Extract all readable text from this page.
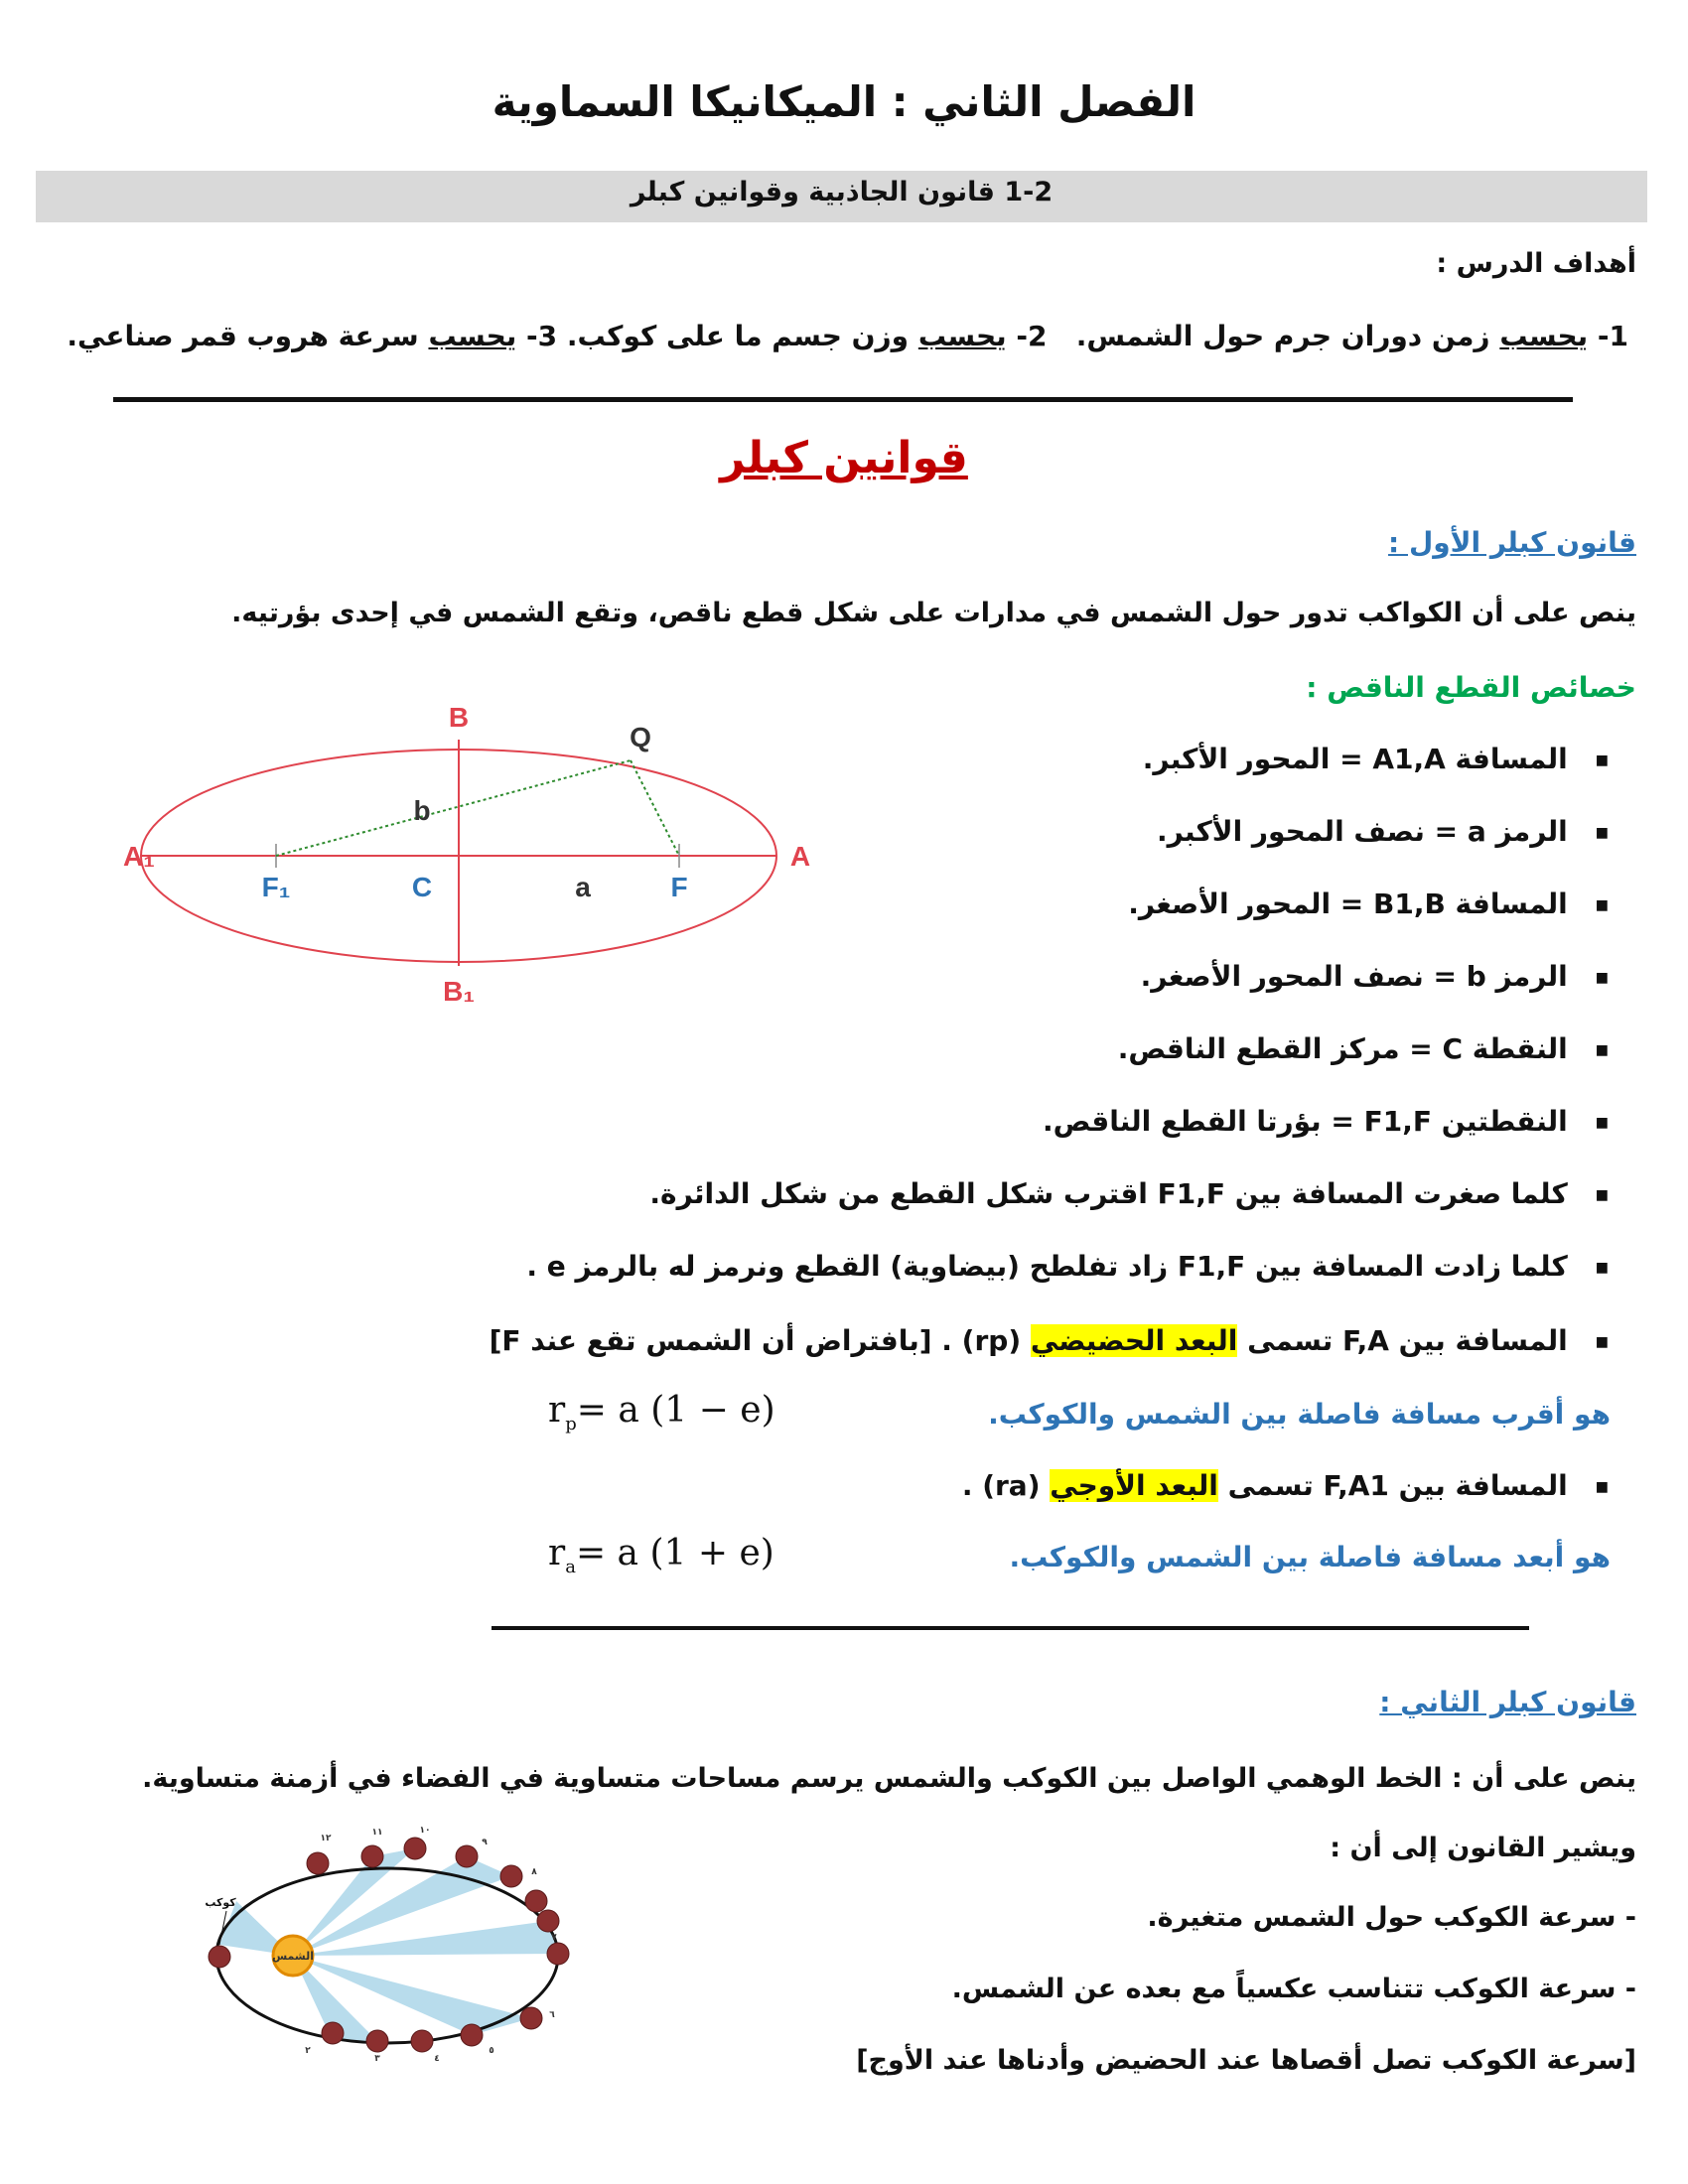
الفصل الثاني : الميكانيكا السماوية
1-2 قانون الجاذبية وقوانين كبلر
أهداف الدرس :
1- يحسب زمن دوران جرم حول الشمس.   2- يحسب وزن جسم ما على كوكب. 3- يحسب سرعة هروب قمر صناعي.
قوانين كبلر
قانون كبلر الأول :
ينص على أن الكواكب تدور حول الشمس في مدارات على شكل قطع ناقص، وتقع الشمس في إحدى بؤرتيه.
خصائص القطع الناقص :
■ المسافة A1,A = المحور الأكبر.
■ الرمز a = نصف المحور الأكبر.
■ المسافة B1,B = المحور الأصغر.
■ الرمز b = نصف المحور الأصغر.
■ النقطة C = مركز القطع الناقص.
■ النقطتين F1,F = بؤرتا القطع الناقص.
■ كلما صغرت المسافة بين F1,F اقترب شكل القطع من شكل الدائرة.
■ كلما زادت المسافة بين F1,F زاد تفلطح (بيضاوية) القطع ونرمز له بالرمز e .
■ المسافة بين F,A تسمى البعد الحضيضي (rp) . [بافتراض أن الشمس تقع عند F]
هو أقرب مسافة فاصلة بين الشمس والكوكب.
$r_p= a$ (1 − e)
■ المسافة بين F,A1 تسمى البعد الأوجي (ra) .
هو أبعد مسافة فاصلة بين الشمس والكوكب.
$r_a= a$ (1 + e)
B
B₁
A
A₁
Q
b
a
F₁	F
C
قانون كبلر الثاني :
ينص على أن : الخط الوهمي الواصل بين الكوكب والشمس يرسم مساحات متساوية في الفضاء في أزمنة متساوية.
ويشير القانون إلى أن :
- سرعة الكوكب حول الشمس متغيرة.
- سرعة الكوكب تتناسب عكسياً مع بعده عن الشمس.
[سرعة الكوكب تصل أقصاها عند الحضيض وأدناها عند الأوج]
الشمس
كوكب
١٢
١١	١٠
٩
٨
٧
٦
٥
٤
٣
٢
